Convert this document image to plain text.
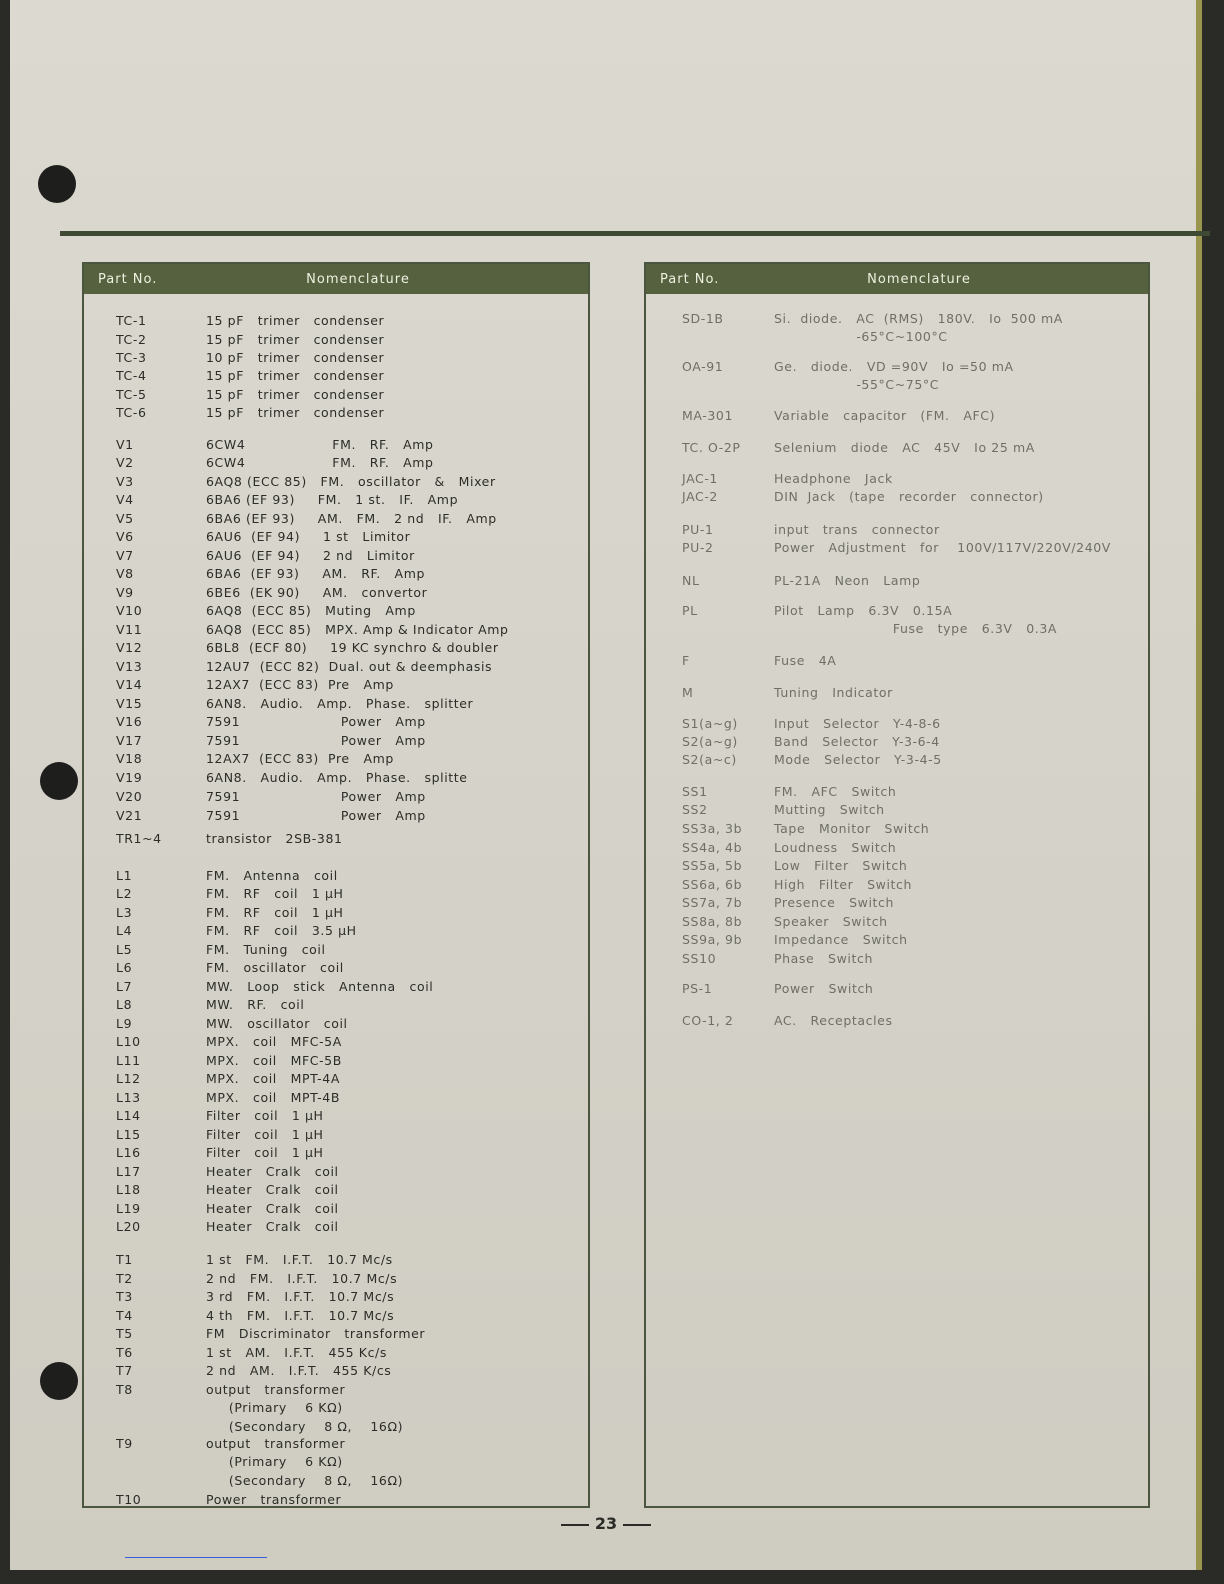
Part No.	Nomenclature
TC-1	15 pF   trimer   condenser
TC-2	15 pF   trimer   condenser
TC-3	10 pF   trimer   condenser
TC-4	15 pF   trimer   condenser
TC-5	15 pF   trimer   condenser
TC-6	15 pF   trimer   condenser
V1	6CW4                   FM.   RF.   Amp
V2	6CW4                   FM.   RF.   Amp
V3	6AQ8 (ECC 85)   FM.   oscillator   &   Mixer
V4	6BA6 (EF 93)     FM.   1 st.   IF.   Amp
V5	6BA6 (EF 93)     AM.   FM.   2 nd   IF.   Amp
V6	6AU6  (EF 94)     1 st   Limitor
V7	6AU6  (EF 94)     2 nd   Limitor
V8	6BA6  (EF 93)     AM.   RF.   Amp
V9	6BE6  (EK 90)     AM.   convertor
V10	6AQ8  (ECC 85)   Muting   Amp
V11	6AQ8  (ECC 85)   MPX. Amp & Indicator Amp
V12	6BL8  (ECF 80)     19 KC synchro & doubler
V13	12AU7  (ECC 82)  Dual. out & deemphasis
V14	12AX7  (ECC 83)  Pre   Amp
V15	6AN8.   Audio.   Amp.   Phase.   splitter
V16	7591                      Power   Amp
V17	7591                      Power   Amp
V18	12AX7  (ECC 83)  Pre   Amp
V19	6AN8.   Audio.   Amp.   Phase.   splitte
V20	7591                      Power   Amp
V21	7591                      Power   Amp
TR1~4	transistor   2SB-381
L1	FM.   Antenna   coil
L2	FM.   RF   coil   1 μH
L3	FM.   RF   coil   1 μH
L4	FM.   RF   coil   3.5 μH
L5	FM.   Tuning   coil
L6	FM.   oscillator   coil
L7	MW.   Loop   stick   Antenna   coil
L8	MW.   RF.   coil
L9	MW.   oscillator   coil
L10	MPX.   coil   MFC-5A
L11	MPX.   coil   MFC-5B
L12	MPX.   coil   MPT-4A
L13	MPX.   coil   MPT-4B
L14	Filter   coil   1 μH
L15	Filter   coil   1 μH
L16	Filter   coil   1 μH
L17	Heater   Cralk   coil
L18	Heater   Cralk   coil
L19	Heater   Cralk   coil
L20	Heater   Cralk   coil
T1	1 st   FM.   I.F.T.   10.7 Mc/s
T2	2 nd   FM.   I.F.T.   10.7 Mc/s
T3	3 rd   FM.   I.F.T.   10.7 Mc/s
T4	4 th   FM.   I.F.T.   10.7 Mc/s
T5	FM   Discriminator   transformer
T6	1 st   AM.   I.F.T.   455 Kc/s
T7	2 nd   AM.   I.F.T.   455 K/cs
T8	output   transformer
(Primary    6 KΩ)
(Secondary    8 Ω,    16Ω)
T9	output   transformer
(Primary    6 KΩ)
(Secondary    8 Ω,    16Ω)
T10	Power   transformer
Part No.	Nomenclature
SD-1B	Si.  diode.   AC  (RMS)   180V.   Io  500 mA
-65°C~100°C
OA-91	Ge.   diode.   VD =90V   Io =50 mA
-55°C~75°C
MA-301	Variable   capacitor   (FM.   AFC)
TC. O-2P	Selenium   diode   AC   45V   Io 25 mA
JAC-1	Headphone   Jack
JAC-2	DIN  Jack   (tape   recorder   connector)
PU-1	input   trans   connector
PU-2	Power   Adjustment   for    100V/117V/220V/240V
NL	PL-21A   Neon   Lamp
PL	Pilot   Lamp   6.3V   0.15A
Fuse   type   6.3V   0.3A
F	Fuse   4A
M	Tuning   Indicator
S1(a~g)	Input   Selector   Y-4-8-6
S2(a~g)	Band   Selector   Y-3-6-4
S2(a~c)	Mode   Selector   Y-3-4-5
SS1	FM.   AFC   Switch
SS2	Mutting   Switch
SS3a, 3b	Tape   Monitor   Switch
SS4a, 4b	Loudness   Switch
SS5a, 5b	Low   Filter   Switch
SS6a, 6b	High   Filter   Switch
SS7a, 7b	Presence   Switch
SS8a, 8b	Speaker   Switch
SS9a, 9b	Impedance   Switch
SS10	Phase   Switch
PS-1	Power   Switch
CO-1, 2	AC.   Receptacles
23
